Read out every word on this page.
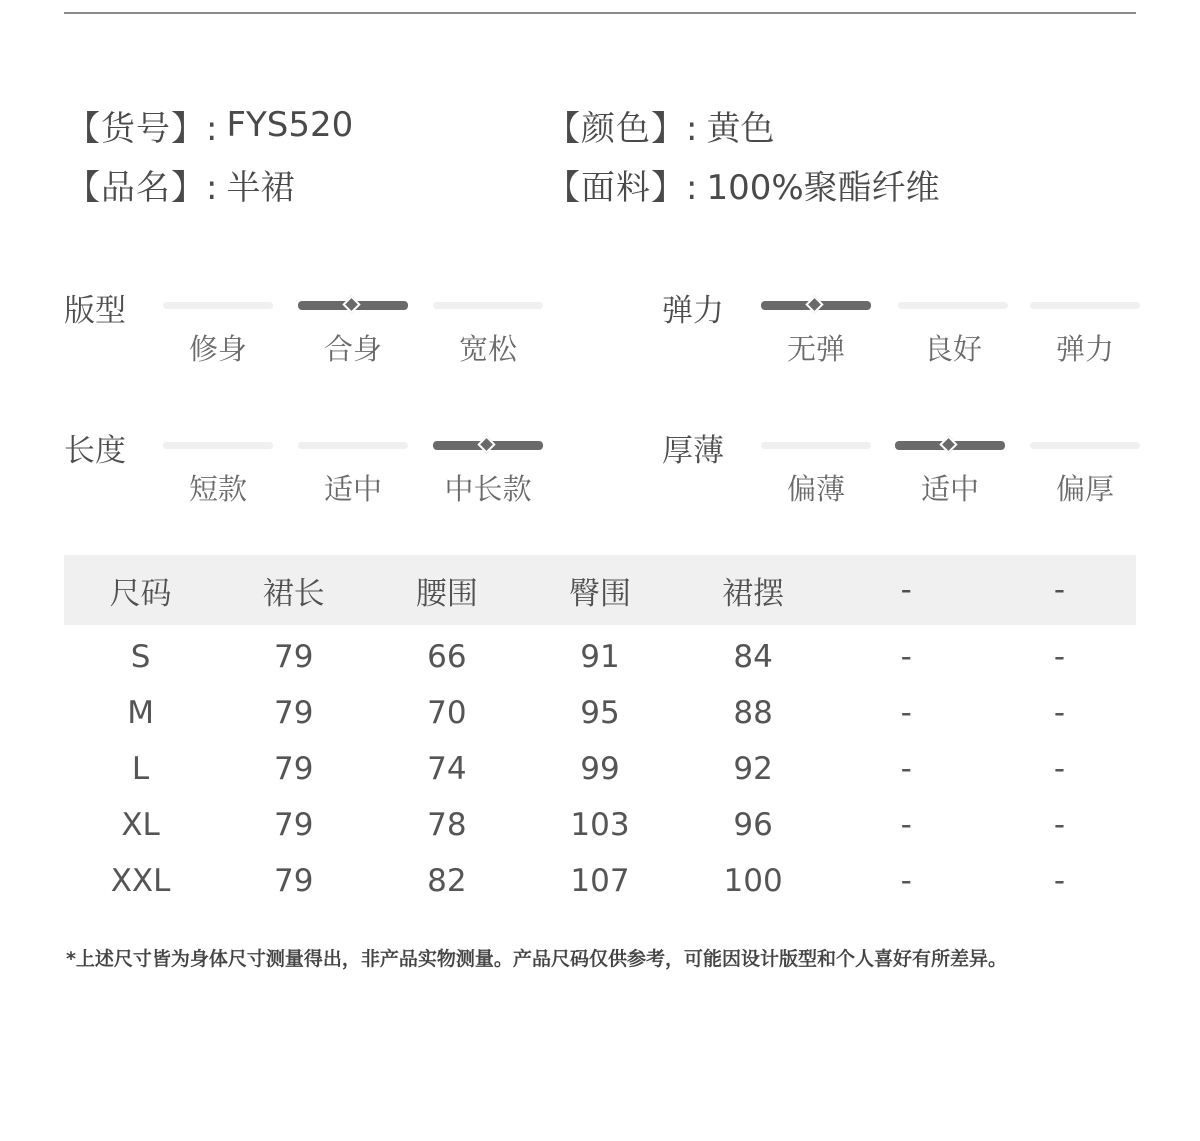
【货号】: FYS520	【颜色】: 黄色
【品名】: 半裙	【面料】: 100%聚酯纤维
版型
修身	合身	宽松
弹力
无弹	良好	弹力
长度
短款	适中	中长款
厚薄
偏薄	适中	偏厚
尺码	裙长	腰围	臀围	裙摆	-	-
S	79	66	91	84	-	-
M	79	70	95	88	-	-
L	79	74	99	92	-	-
XL	79	78	103	96	-	-
XXL	79	82	107	100	-	-
*上述尺寸皆为身体尺寸测量得出，非产品实物测量。产品尺码仅供参考，可能因设计版型和个人喜好有所差异。
